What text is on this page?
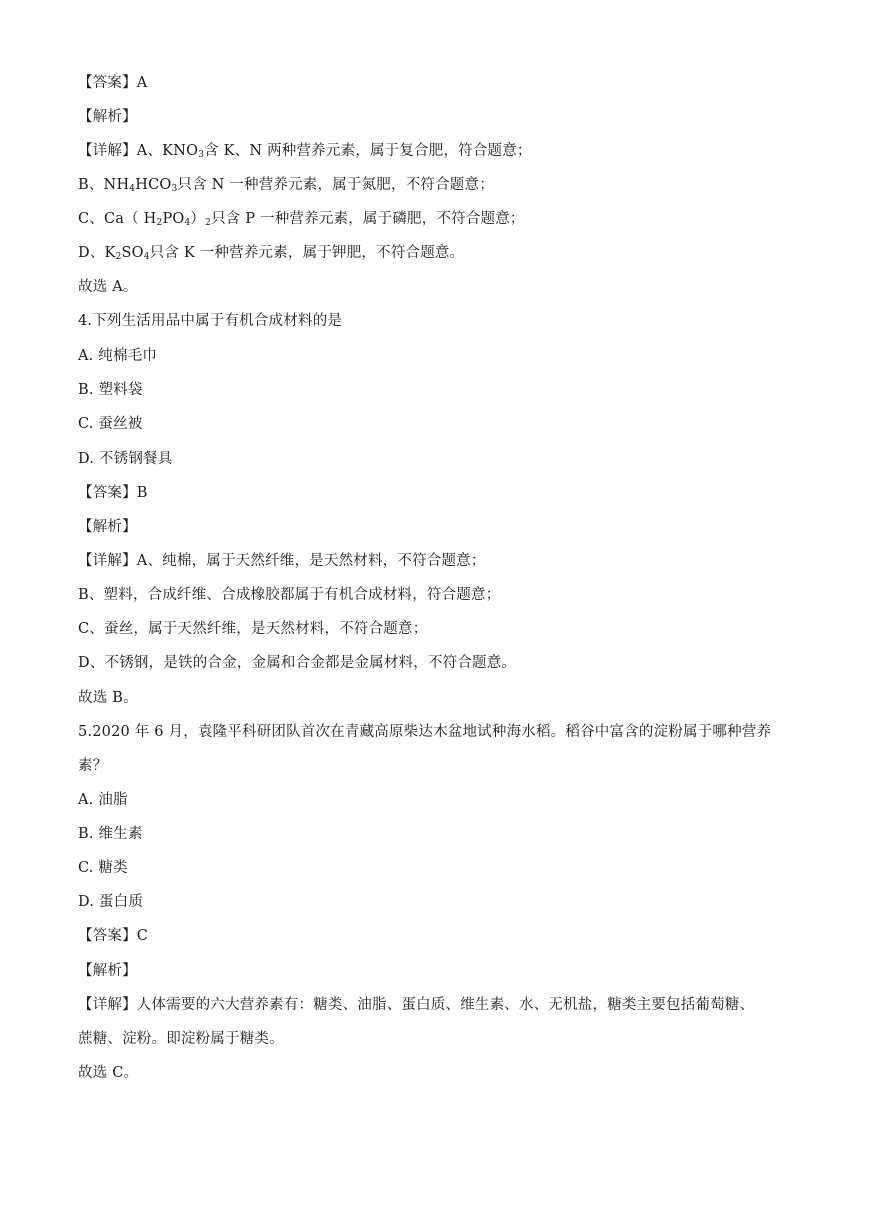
【答案】A
【解析】
【详解】A、$KNO_3$含 K、N 两种营养元素，属于复合肥，符合题意；
B、$NH_4HCO_3$只含 N 一种营养元素，属于氮肥，不符合题意；
C、Ca（ $H_2PO_4)_2$只含 P 一种营养元素，属于磷肥，不符合题意；
D、$K_2SO_4$只含 K 一种营养元素，属于钾肥，不符合题意。
故选 A。
4.下列生活用品中属于有机合成材料的是
A. 纯棉毛巾
B. 塑料袋
C. 蚕丝被
D. 不锈钢餐具
【答案】B
【解析】
【详解】A、纯棉，属于天然纤维，是天然材料，不符合题意；
B、塑料，合成纤维、合成橡胶都属于有机合成材料，符合题意；
C、蚕丝，属于天然纤维，是天然材料，不符合题意；
D、不锈钢，是铁的合金，金属和合金都是金属材料，不符合题意。
故选 B。
5.2020 年 6 月，袁隆平科研团队首次在青藏高原柴达木盆地试种海水稻。稻谷中富含的淀粉属于哪种营养
素？
A. 油脂
B. 维生素
C. 糖类
D. 蛋白质
【答案】C
【解析】
【详解】人体需要的六大营养素有：糖类、油脂、蛋白质、维生素、水、无机盐，糖类主要包括葡萄糖、
蔗糖、淀粉。即淀粉属于糖类。
故选 C。
